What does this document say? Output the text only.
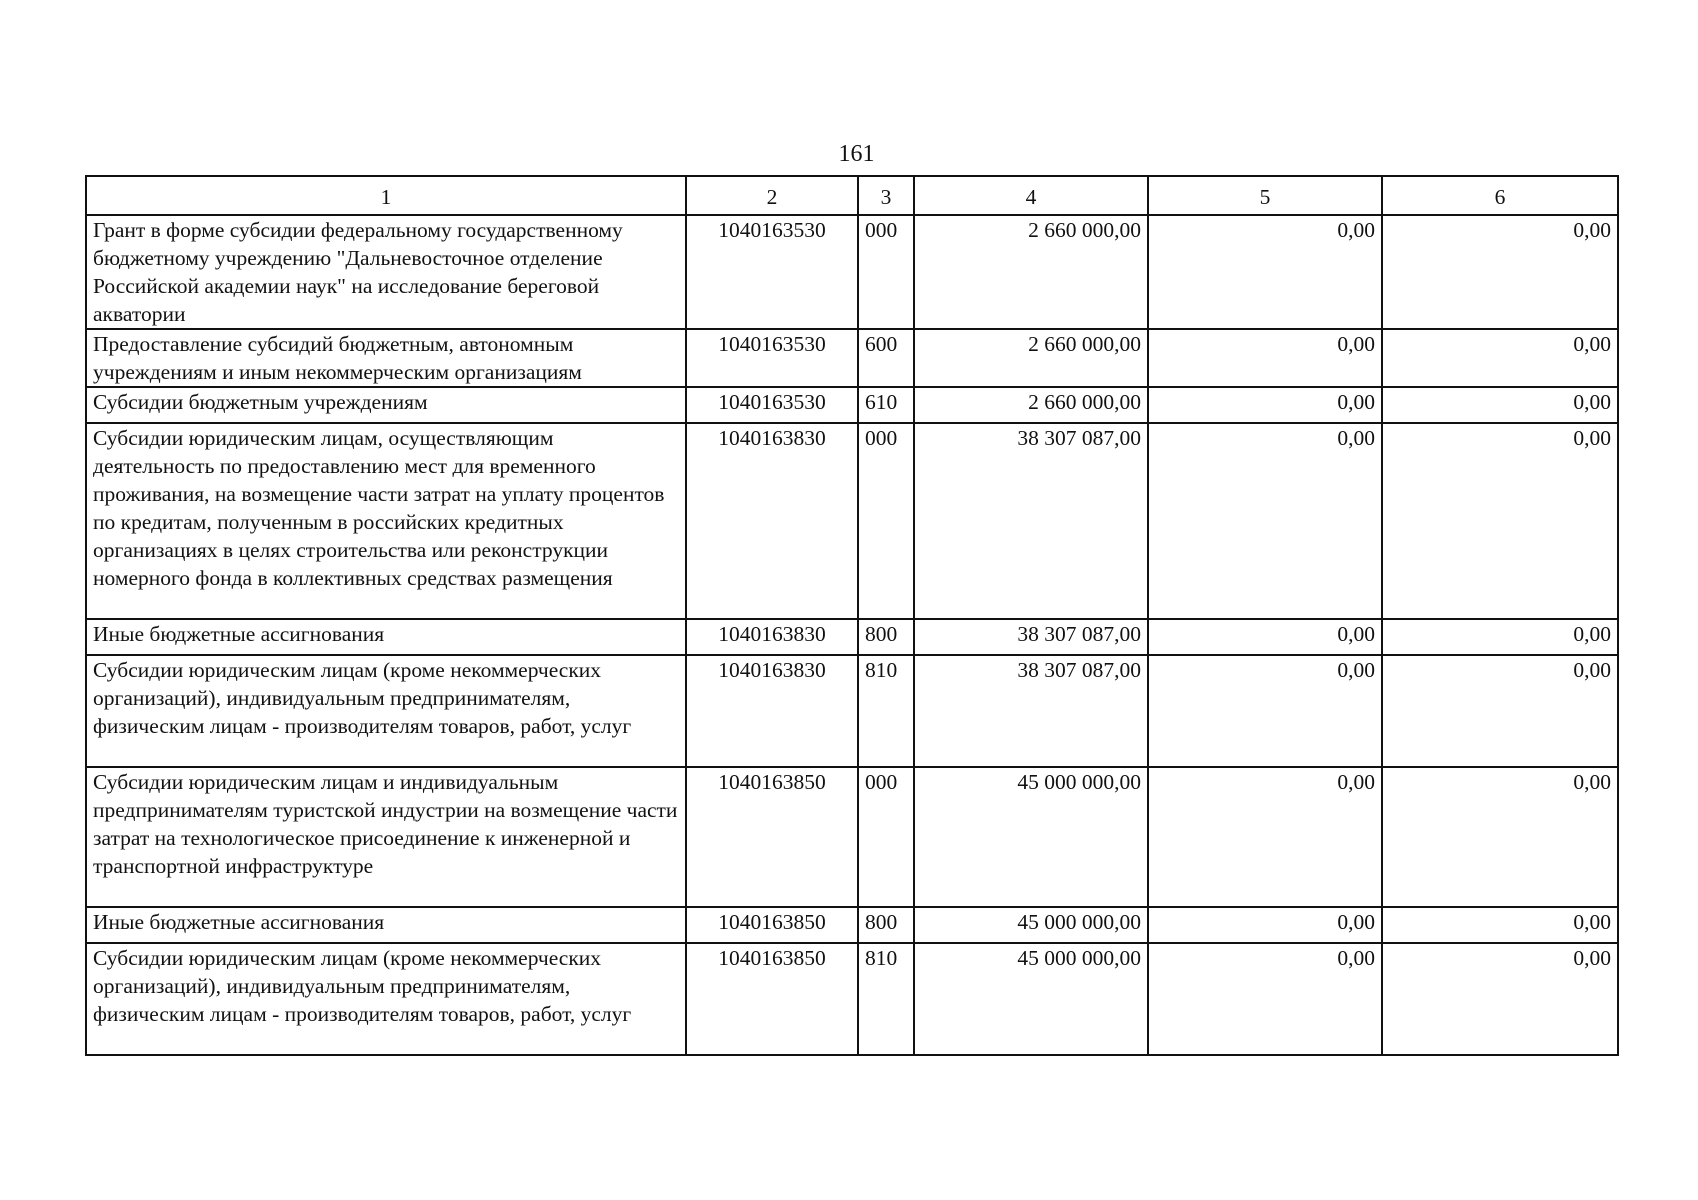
161
1	2	3	4	5	6
Грант в форме субсидии федеральному государственному бюджетному учреждению "Дальневосточное отделение Российской академии наук" на исследование береговой акватории	1040163530	000	2 660 000,00	0,00	0,00
Предоставление субсидий бюджетным, автономным учреждениям и иным некоммерческим организациям	1040163530	600	2 660 000,00	0,00	0,00
Субсидии бюджетным учреждениям	1040163530	610	2 660 000,00	0,00	0,00
Субсидии юридическим лицам, осуществляющим деятельность по предоставлению мест для временного проживания, на возмещение части затрат на уплату процентов по кредитам, полученным в российских кредитных организациях в целях строительства или реконструкции номерного фонда в коллективных средствах размещения	1040163830	000	38 307 087,00	0,00	0,00
Иные бюджетные ассигнования	1040163830	800	38 307 087,00	0,00	0,00
Субсидии юридическим лицам (кроме некоммерческих организаций), индивидуальным предпринимателям, физическим лицам - производителям товаров, работ, услуг	1040163830	810	38 307 087,00	0,00	0,00
Субсидии юридическим лицам и индивидуальным предпринимателям туристской индустрии на возмещение части затрат на технологическое присоединение к инженерной и транспортной инфраструктуре	1040163850	000	45 000 000,00	0,00	0,00
Иные бюджетные ассигнования	1040163850	800	45 000 000,00	0,00	0,00
Субсидии юридическим лицам (кроме некоммерческих организаций), индивидуальным предпринимателям, физическим лицам - производителям товаров, работ, услуг	1040163850	810	45 000 000,00	0,00	0,00
